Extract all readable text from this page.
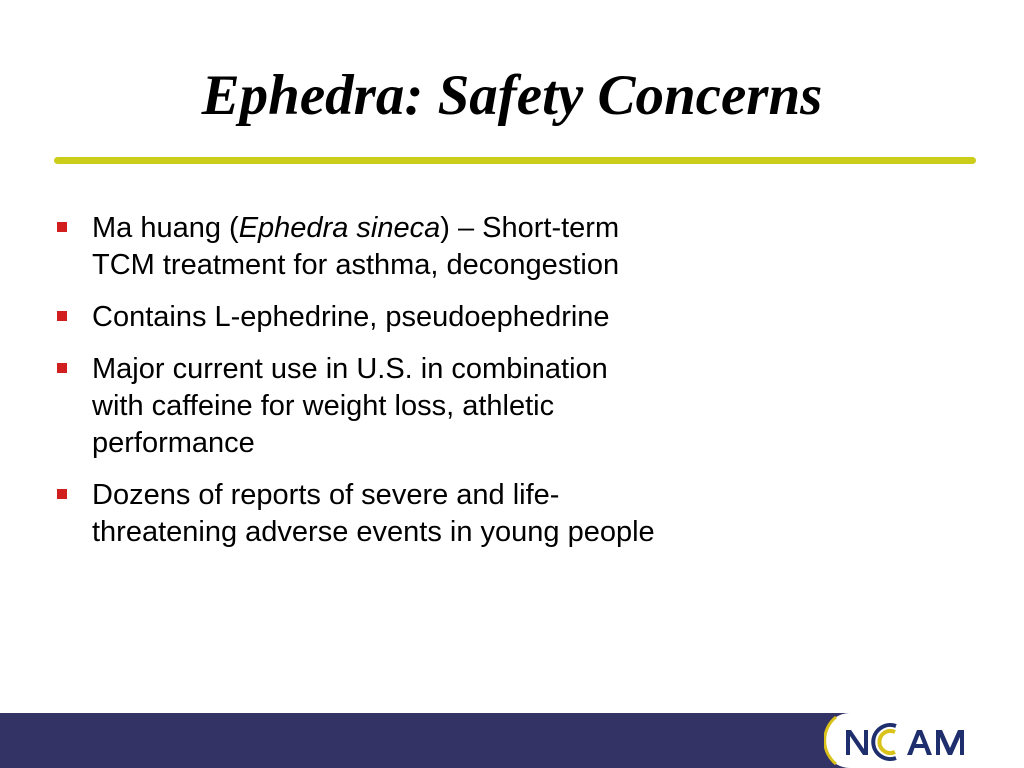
Ephedra: Safety Concerns
Ma huang (Ephedra sineca) – Short-term TCM treatment for asthma, decongestion
Contains L-ephedrine, pseudoephedrine
Major current use in U.S. in combination with caffeine for weight loss, athletic performance
Dozens of reports of severe and life-threatening adverse events in young people
